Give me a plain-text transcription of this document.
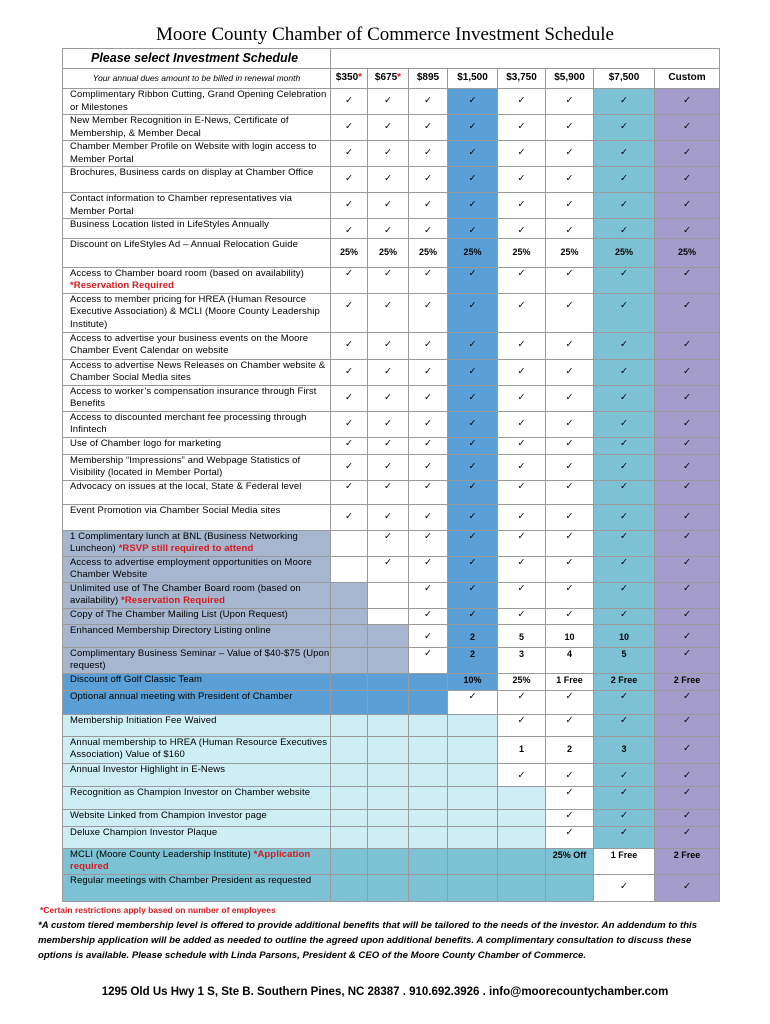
Moore County Chamber of Commerce Investment Schedule
Please select Investment Schedule								
Your annual dues amount to be billed in renewal month	$350*	$675*	$895	$1,500	$3,750	$5,900	$7,500	Custom
Complimentary Ribbon Cutting, Grand Opening Celebration or Milestones	✓	✓	✓	✓	✓	✓	✓	✓

New Member Recognition in E-News, Certificate of Membership, & Member Decal	✓	✓	✓	✓	✓	✓	✓	✓

Chamber Member Profile on Website with login access to Member Portal	✓	✓	✓	✓	✓	✓	✓	✓

Brochures, Business cards on display at Chamber Office	✓	✓	✓	✓	✓	✓	✓	✓

Contact information to Chamber representatives via Member Portal	✓	✓	✓	✓	✓	✓	✓	✓

Business Location listed in LifeStyles Annually	✓	✓	✓	✓	✓	✓	✓	✓

Discount on LifeStyles Ad – Annual Relocation Guide	25%	25%	25%	25%	25%	25%	25%	25%

Access to Chamber board room (based on availability) *Reservation Required	✓	✓	✓	✓	✓	✓	✓	✓

Access to member pricing for HREA (Human Resource Executive Association) & MCLI (Moore County Leadership Institute)	✓	✓	✓	✓	✓	✓	✓	✓

Access to advertise your business events on the Moore Chamber Event Calendar on website	✓	✓	✓	✓	✓	✓	✓	✓

Access to advertise News Releases on Chamber website & Chamber Social Media sites	✓	✓	✓	✓	✓	✓	✓	✓

Access to worker’s compensation insurance through First Benefits	✓	✓	✓	✓	✓	✓	✓	✓

Access to discounted merchant fee processing through Infintech	✓	✓	✓	✓	✓	✓	✓	✓

Use of Chamber logo for marketing	✓	✓	✓	✓	✓	✓	✓	✓

Membership “Impressions” and Webpage Statistics of Visibility (located in Member Portal)	✓	✓	✓	✓	✓	✓	✓	✓

Advocacy on issues at the local, State & Federal level	✓	✓	✓	✓	✓	✓	✓	✓

Event Promotion via Chamber Social Media sites	✓	✓	✓	✓	✓	✓	✓	✓

1 Complimentary lunch at BNL (Business Networking Luncheon) *RSVP still required to attend		✓	✓	✓	✓	✓	✓	✓

Access to advertise employment opportunities on Moore Chamber Website		✓	✓	✓	✓	✓	✓	✓

Unlimited use of The Chamber Board room (based on availability) *Reservation Required			✓	✓	✓	✓	✓	✓

Copy of The Chamber Mailing List (Upon Request)			✓	✓	✓	✓	✓	✓

Enhanced Membership Directory Listing online			✓	2	5	10	10	✓

Complimentary Business Seminar – Value of $40-$75 (Upon request)			✓	2	3	4	5	✓

Discount off Golf Classic Team				10%	25%	1 Free	2 Free	2 Free

Optional annual meeting with President of Chamber				✓	✓	✓	✓	✓

Membership Initiation Fee Waived					✓	✓	✓	✓

Annual membership to HREA (Human Resource Executives Association) Value of $160					1	2	3	✓

Annual Investor Highlight in E-News					✓	✓	✓	✓

Recognition as Champion Investor on Chamber website						✓	✓	✓

Website Linked from Champion Investor page						✓	✓	✓

Deluxe Champion Investor Plaque						✓	✓	✓

MCLI (Moore County Leadership Institute) *Application required						25% Off	1 Free	2 Free

Regular meetings with Chamber President as requested							✓	✓
*Certain restrictions apply based on number of employees
*A custom tiered membership level is offered to provide additional benefits that will be tailored to the needs of the investor. An addendum to this membership application will be added as needed to outline the agreed upon additional benefits. A complimentary consultation to discuss these options is available. Please schedule with Linda Parsons, President & CEO of the Moore County Chamber of Commerce.
1295 Old Us Hwy 1 S, Ste B. Southern Pines, NC 28387 . 910.692.3926 . info@moorecountychamber.com
